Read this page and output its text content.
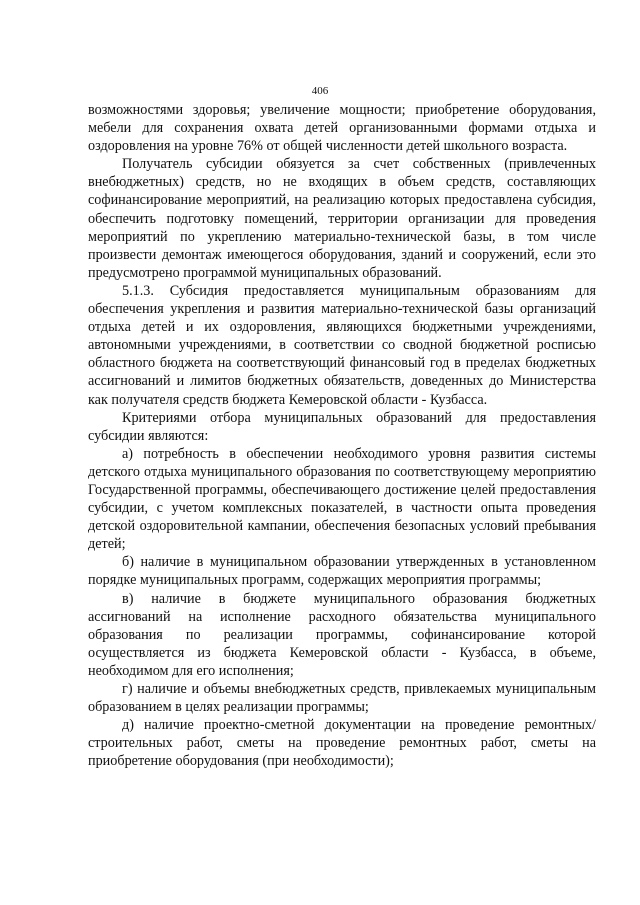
406

возможностями здоровья; увеличение мощности; приобретение оборудования, мебели для сохранения охвата детей организованными формами отдыха и оздоровления на уровне 76% от общей численности детей школьного возраста.

Получатель субсидии обязуется за счет собственных (привлеченных внебюджетных) средств, но не входящих в объем средств, составляющих софинансирование мероприятий, на реализацию которых предоставлена субсидия, обеспечить подготовку помещений, территории организации для проведения мероприятий по укреплению материально-технической базы, в том числе произвести демонтаж имеющегося оборудования, зданий и сооружений, если это предусмотрено программой муниципальных образований.

5.1.3. Субсидия предоставляется муниципальным образованиям для обеспечения укрепления и развития материально-технической базы организаций отдыха детей и их оздоровления, являющихся бюджетными учреждениями, автономными учреждениями, в соответствии со сводной бюджетной росписью областного бюджета на соответствующий финансовый год в пределах бюджетных ассигнований и лимитов бюджетных обязательств, доведенных до Министерства как получателя средств бюджета Кемеровской области - Кузбасса.

Критериями отбора муниципальных образований для предоставления субсидии являются:

а) потребность в обеспечении необходимого уровня развития системы детского отдыха муниципального образования по соответствующему мероприятию Государственной программы, обеспечивающего достижение целей предоставления субсидии, с учетом комплексных показателей, в частности опыта проведения детской оздоровительной кампании, обеспечения безопасных условий пребывания детей;

б) наличие в муниципальном образовании утвержденных в установленном порядке муниципальных программ, содержащих мероприятия программы;

в) наличие в бюджете муниципального образования бюджетных ассигнований на исполнение расходного обязательства муниципального образования по реализации программы, софинансирование которой осуществляется из бюджета Кемеровской области - Кузбасса, в объеме, необходимом для его исполнения;

г) наличие и объемы внебюджетных средств, привлекаемых муниципальным образованием в целях реализации программы;

д) наличие проектно-сметной документации на проведение ремонтных/строительных работ, сметы на проведение ремонтных работ, сметы на приобретение оборудования (при необходимости);
